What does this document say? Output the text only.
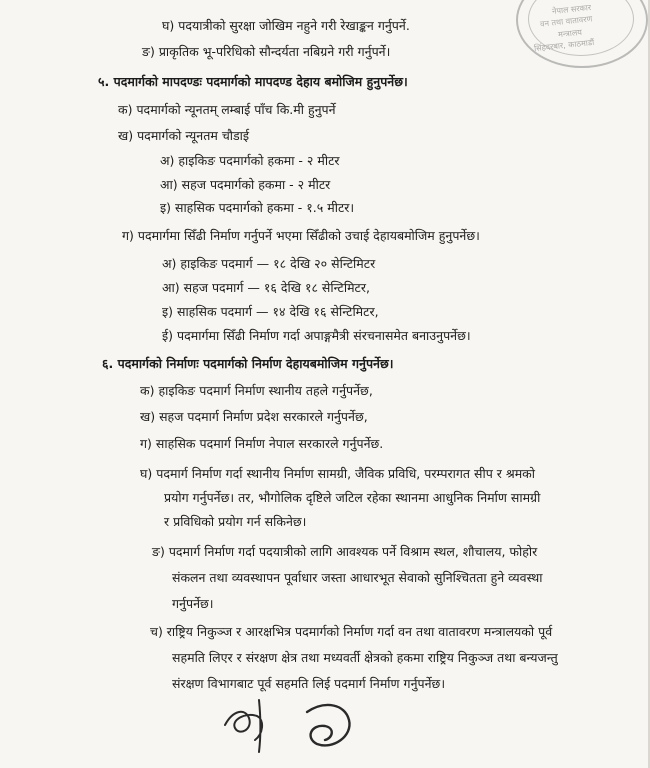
नेपाल सरकार
वन तथा वातावरण
मन्त्रालय
सिंहदरबार, काठमाडौं
घ) पदयात्रीको सुरक्षा जोखिम नहुने गरी रेखाङ्कन गर्नुपर्ने.
ङ) प्राकृतिक भू-परिधिको सौन्दर्यता नबिग्रने गरी गर्नुपर्ने।
५. पदमार्गको मापदण्डः पदमार्गको मापदण्ड देहाय बमोजिम हुनुपर्नेछ।
क) पदमार्गको न्यूनतम् लम्बाई पाँच कि.मी हुनुपर्ने
ख) पदमार्गको न्यूनतम चौडाई
अ) हाइकिङ पदमार्गको हकमा - २ मीटर
आ) सहज पदमार्गको हकमा - २ मीटर
इ) साहसिक पदमार्गको हकमा - १.५ मीटर।
ग) पदमार्गमा सिँढी निर्माण गर्नुपर्ने भएमा सिँढीको उचाई देहायबमोजिम हुनुपर्नेछ।
अ) हाइकिङ पदमार्ग — १८ देखि २० सेन्टिमिटर
आ) सहज पदमार्ग — १६ देखि १८ सेन्टिमिटर,
इ) साहसिक पदमार्ग — १४ देखि १६ सेन्टिमिटर,
ई) पदमार्गमा सिँढी निर्माण गर्दा अपाङ्गमैत्री संरचनासमेत बनाउनुपर्नेछ।
६. पदमार्गको निर्माणः पदमार्गको निर्माण देहायबमोजिम गर्नुपर्नेछ।
क) हाइकिङ पदमार्ग निर्माण स्थानीय तहले गर्नुपर्नेछ,
ख) सहज पदमार्ग निर्माण प्रदेश सरकारले गर्नुपर्नेछ,
ग) साहसिक पदमार्ग निर्माण नेपाल सरकारले गर्नुपर्नेछ.
घ) पदमार्ग निर्माण गर्दा स्थानीय निर्माण सामग्री, जैविक प्रविधि, परम्परागत सीप र श्रमको
प्रयोग गर्नुपर्नेछ। तर, भौगोलिक दृष्टिले जटिल रहेका स्थानमा आधुनिक निर्माण सामग्री
र प्रविधिको प्रयोग गर्न सकिनेछ।
ङ) पदमार्ग निर्माण गर्दा पदयात्रीको लागि आवश्यक पर्ने विश्राम स्थल, शौचालय, फोहोर
संकलन तथा व्यवस्थापन पूर्वाधार जस्ता आधारभूत सेवाको सुनिश्चितता हुने व्यवस्था
गर्नुपर्नेछ।
च) राष्ट्रिय निकुञ्ज र आरक्षभित्र पदमार्गको निर्माण गर्दा वन तथा वातावरण मन्त्रालयको पूर्व
सहमति लिएर र संरक्षण क्षेत्र तथा मध्यवर्ती क्षेत्रको हकमा राष्ट्रिय निकुञ्ज तथा बन्यजन्तु
संरक्षण विभागबाट पूर्व सहमति लिई पदमार्ग निर्माण गर्नुपर्नेछ।
